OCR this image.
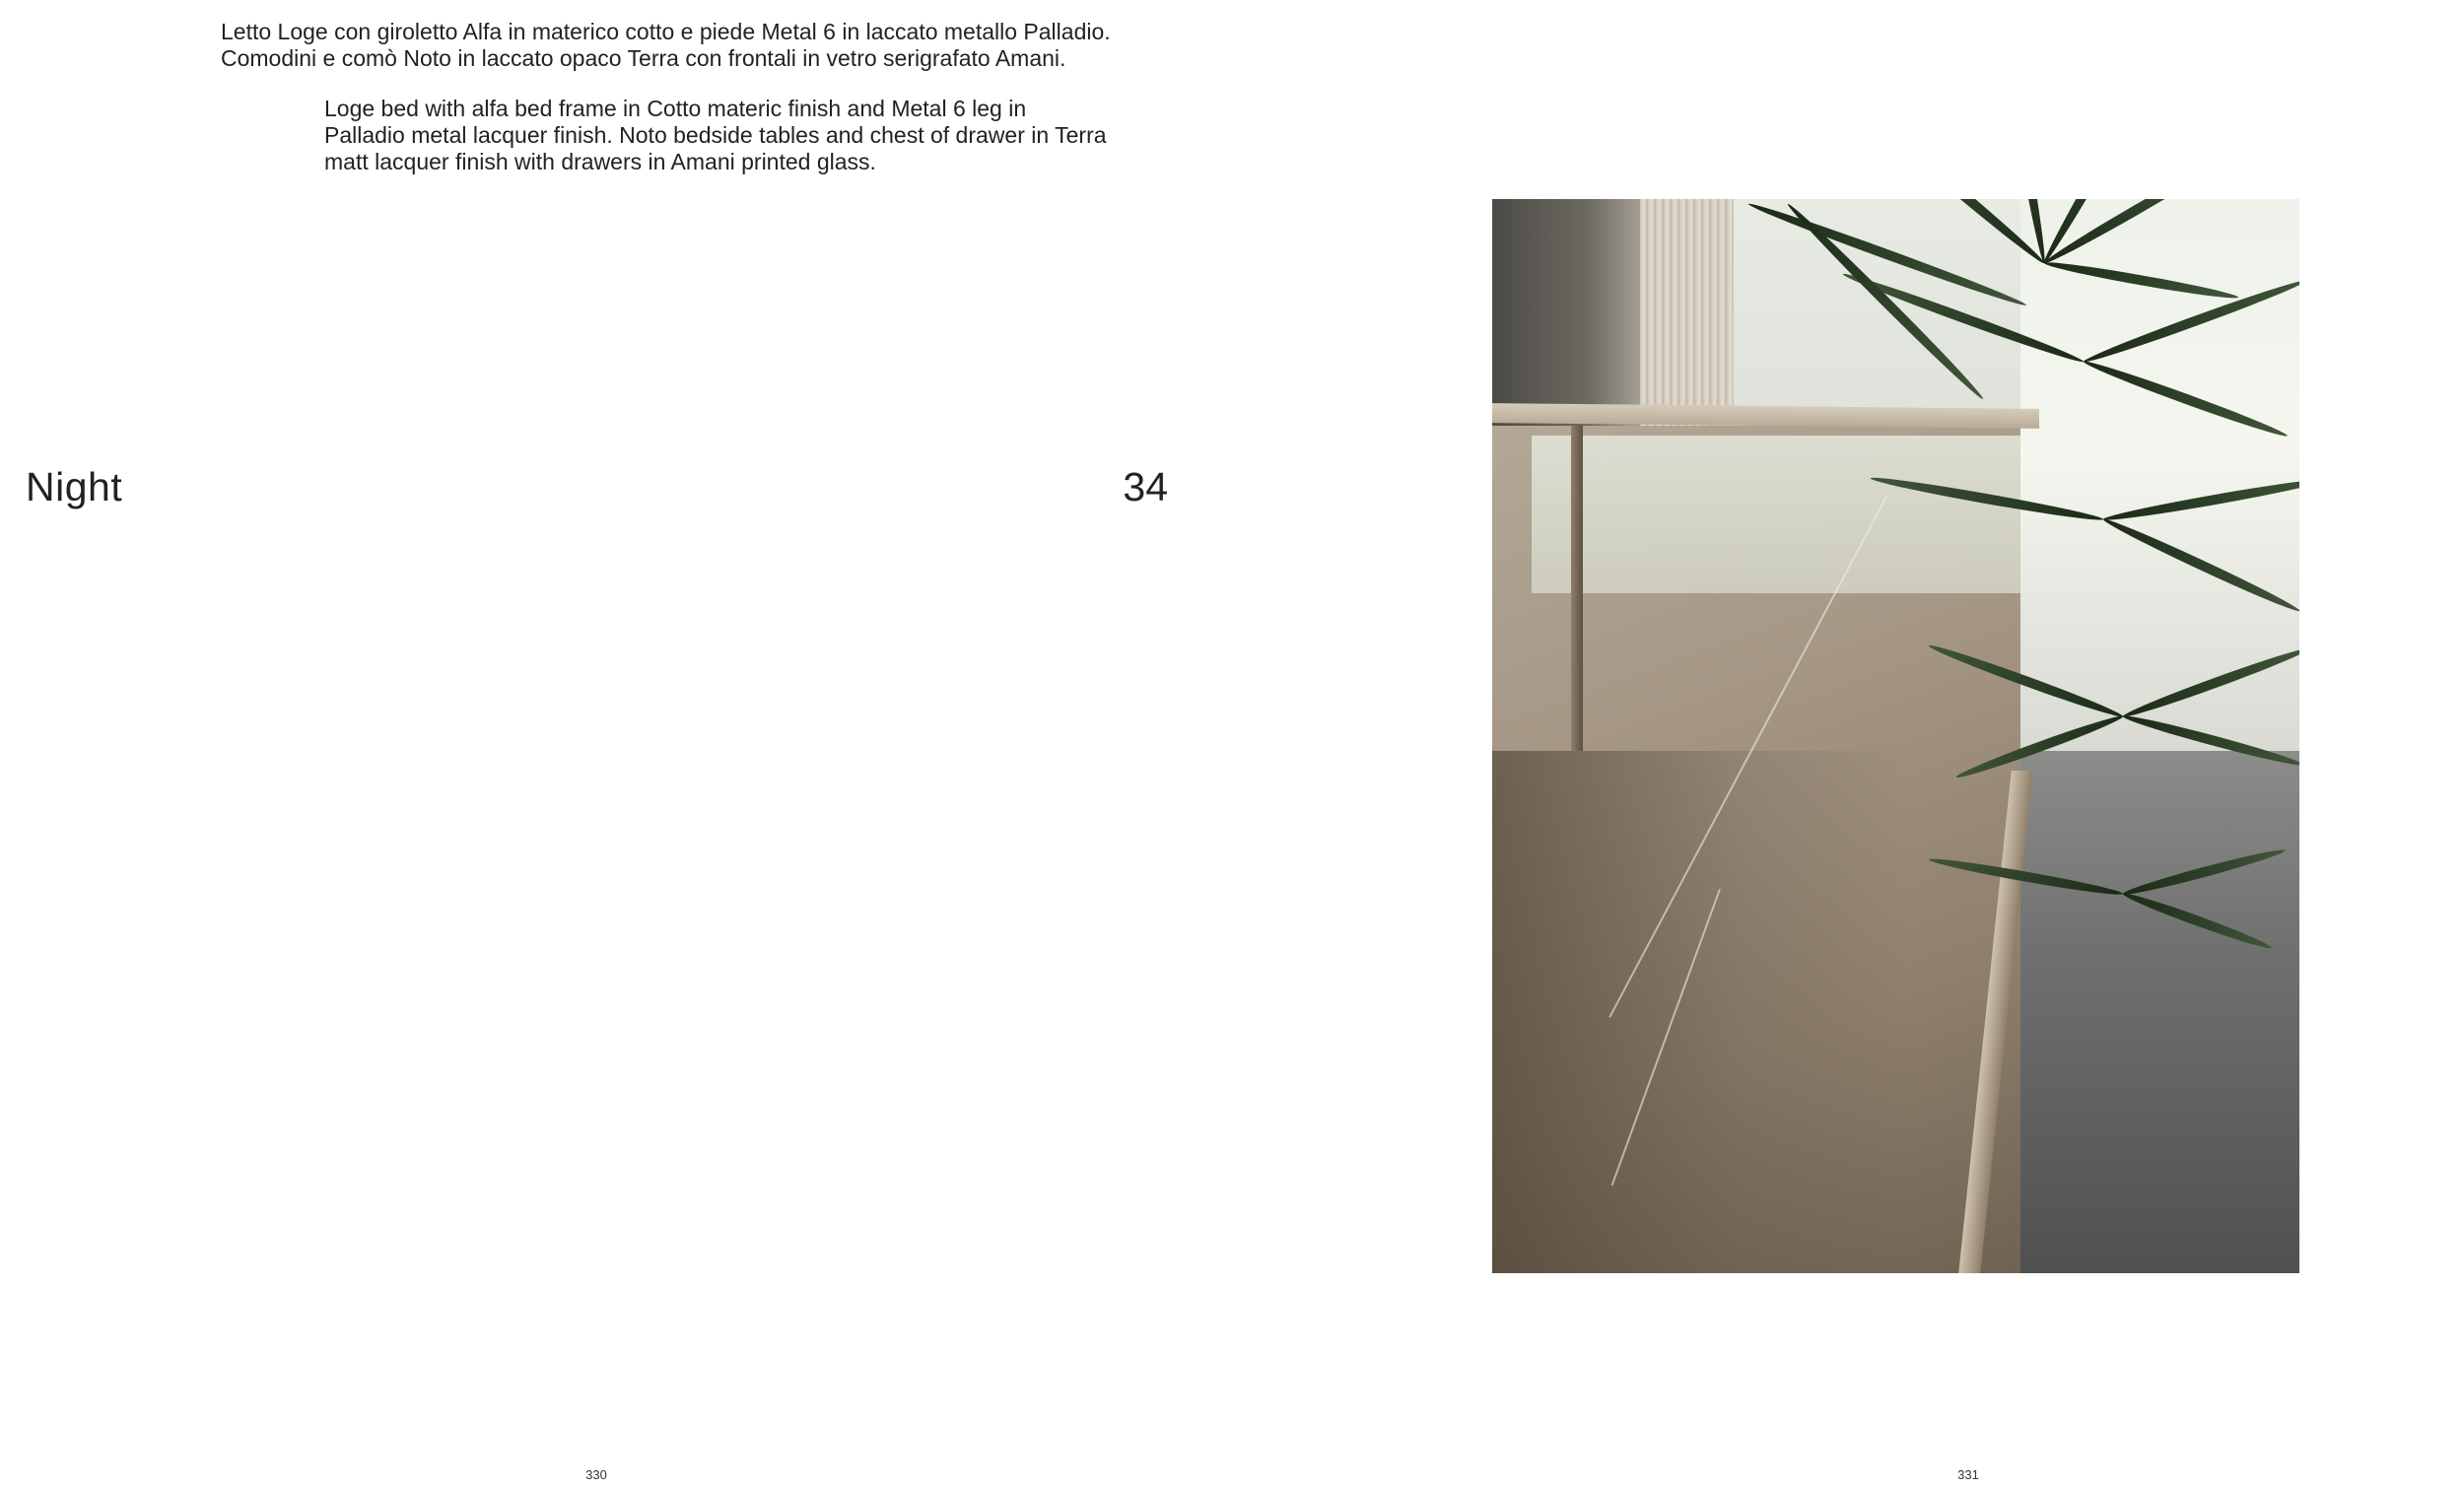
Letto Loge con giroletto Alfa in materico cotto e piede Metal 6 in laccato metallo Palladio.
Comodini e comò Noto in laccato opaco Terra con frontali in vetro serigrafato Amani.

Loge bed with alfa bed frame in Cotto materic finish and Metal 6 leg in
Palladio metal lacquer finish. Noto bedside tables and chest of drawer in Terra
matt lacquer finish with drawers in Amani printed glass.

Night	34
330	331
